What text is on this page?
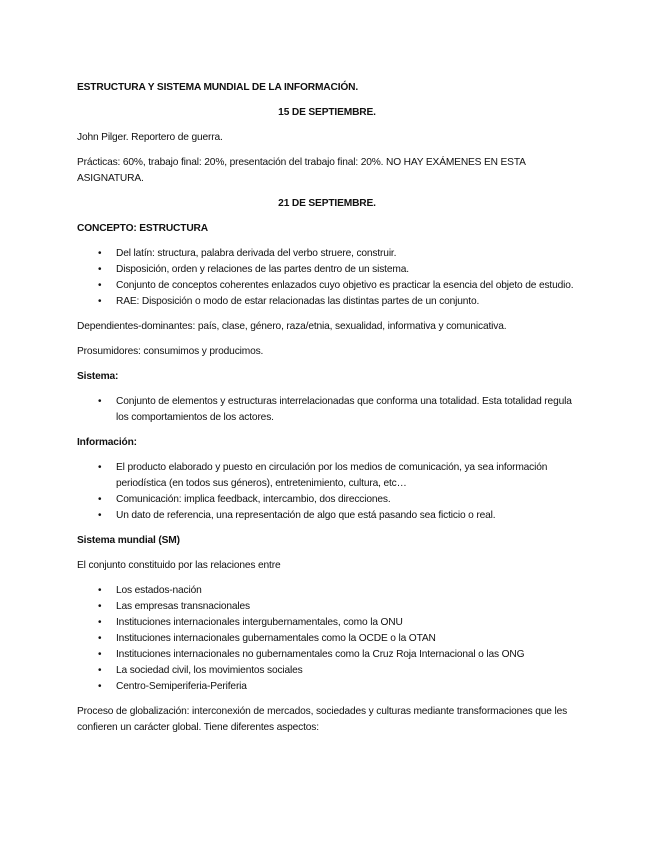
ESTRUCTURA Y SISTEMA MUNDIAL DE LA INFORMACIÓN.

15 DE SEPTIEMBRE.

John Pilger. Reportero de guerra.

Prácticas: 60%, trabajo final: 20%, presentación del trabajo final: 20%. NO HAY EXÁMENES EN ESTA ASIGNATURA.

21 DE SEPTIEMBRE.

CONCEPTO: ESTRUCTURA

• Del latín: structura, palabra derivada del verbo struere, construir.
• Disposición, orden y relaciones de las partes dentro de un sistema.
• Conjunto de conceptos coherentes enlazados cuyo objetivo es practicar la esencia del objeto de estudio.
• RAE: Disposición o modo de estar relacionadas las distintas partes de un conjunto.

Dependientes-dominantes: país, clase, género, raza/etnia, sexualidad, informativa y comunicativa.

Prosumidores: consumimos y producimos.

Sistema:

• Conjunto de elementos y estructuras interrelacionadas que conforma una totalidad. Esta totalidad regula los comportamientos de los actores.

Información:

• El producto elaborado y puesto en circulación por los medios de comunicación, ya sea información periodística (en todos sus géneros), entretenimiento, cultura, etc…
• Comunicación: implica feedback, intercambio, dos direcciones.
• Un dato de referencia, una representación de algo que está pasando sea ficticio o real.

Sistema mundial (SM)

El conjunto constituido por las relaciones entre

• Los estados-nación
• Las empresas transnacionales
• Instituciones internacionales intergubernamentales, como la ONU
• Instituciones internacionales gubernamentales como la OCDE o la OTAN
• Instituciones internacionales no gubernamentales como la Cruz Roja Internacional o las ONG
• La sociedad civil, los movimientos sociales
• Centro-Semiperiferia-Periferia

Proceso de globalización: interconexión de mercados, sociedades y culturas mediante transformaciones que les confieren un carácter global. Tiene diferentes aspectos:
